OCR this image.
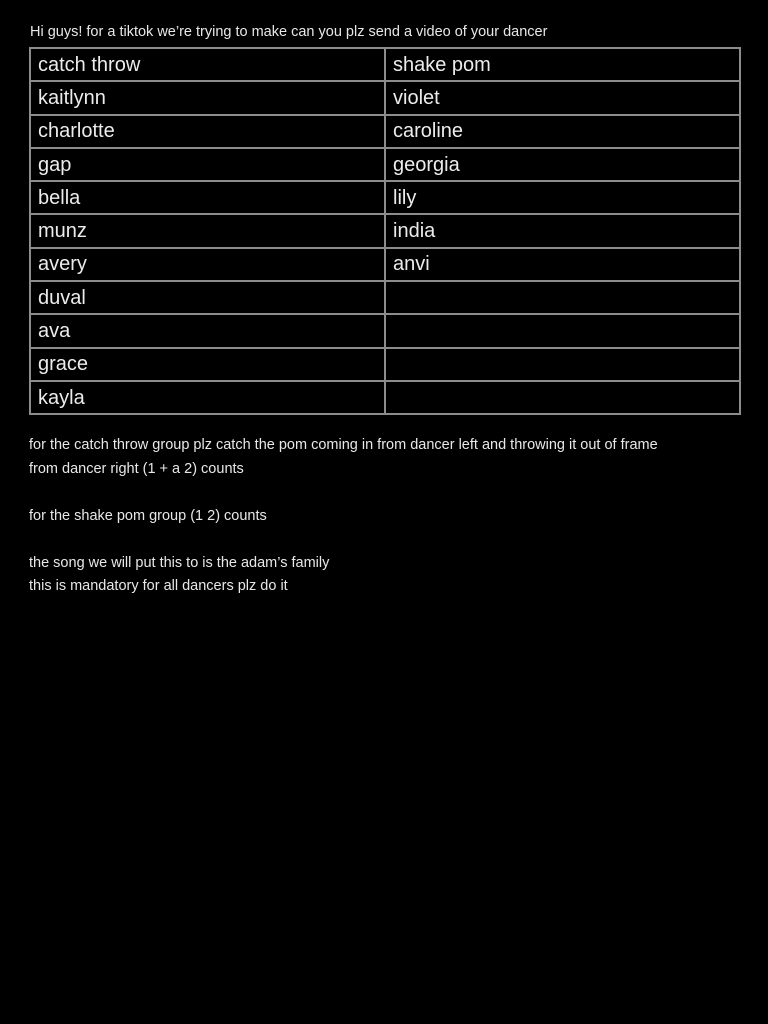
Hi guys! for a tiktok we’re trying to make can you plz send a video of your dancer
catch throw	shake pom
kaitlynn	violet
charlotte	caroline
gap	georgia
bella	lily
munz	india
avery	anvi
duval	
ava	
grace	
kayla	

for the catch throw group plz catch the pom coming in from dancer left and throwing it out of frame

from dancer right (1 + a 2) counts

for the shake pom group (1 2) counts

the song we will put this to is the adam’s family

this is mandatory for all dancers plz do it
